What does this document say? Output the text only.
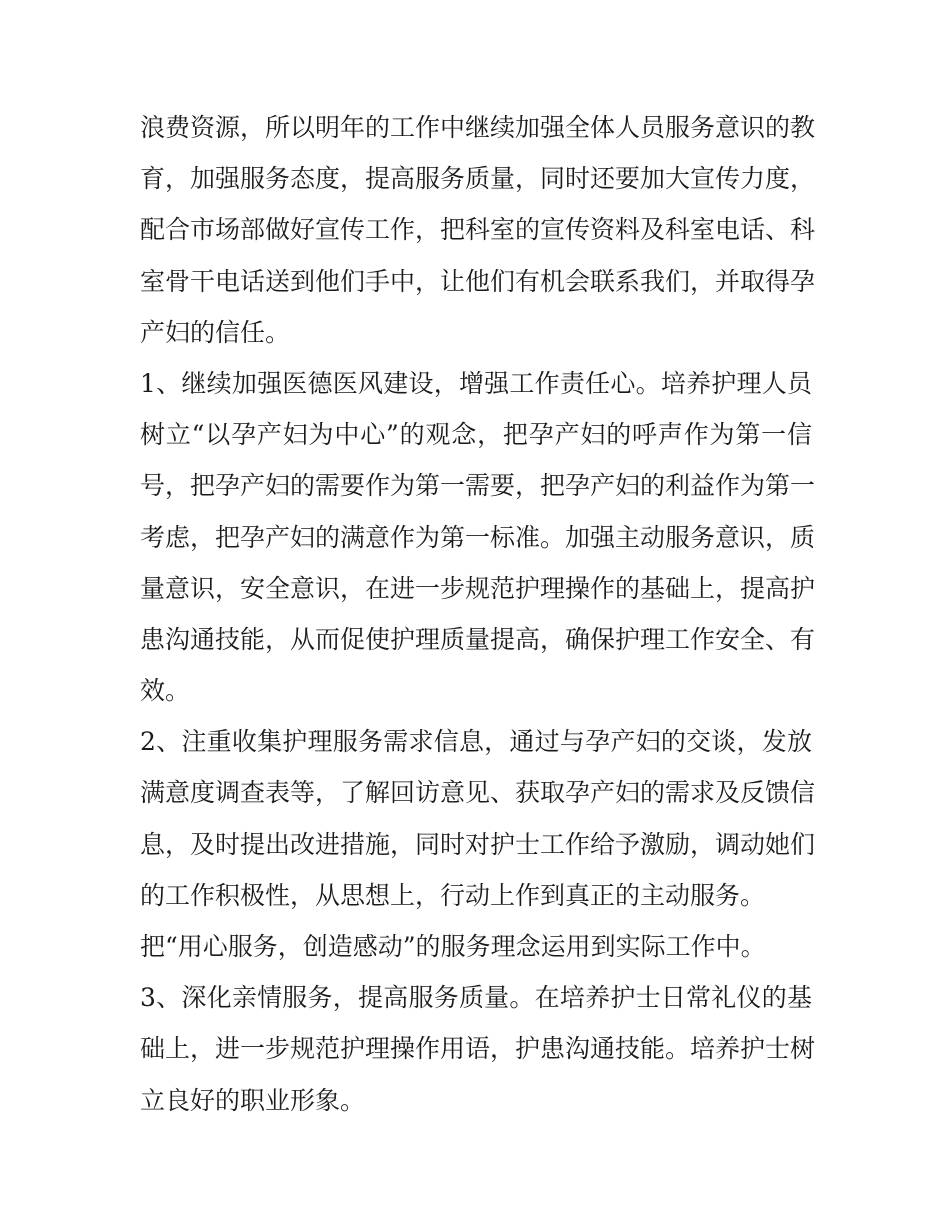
浪费资源，所以明年的工作中继续加强全体人员服务意识的教
育，加强服务态度，提高服务质量，同时还要加大宣传力度，
配合市场部做好宣传工作，把科室的宣传资料及科室电话、科
室骨干电话送到他们手中，让他们有机会联系我们，并取得孕
产妇的信任。
1、继续加强医德医风建设，增强工作责任心。培养护理人员
树立“以孕产妇为中心”的观念，把孕产妇的呼声作为第一信
号，把孕产妇的需要作为第一需要，把孕产妇的利益作为第一
考虑，把孕产妇的满意作为第一标准。加强主动服务意识，质
量意识，安全意识，在进一步规范护理操作的基础上，提高护
患沟通技能，从而促使护理质量提高，确保护理工作安全、有
效。
2、注重收集护理服务需求信息，通过与孕产妇的交谈，发放
满意度调查表等，了解回访意见、获取孕产妇的需求及反馈信
息，及时提出改进措施，同时对护士工作给予激励，调动她们
的工作积极性，从思想上，行动上作到真正的主动服务。
把“用心服务，创造感动”的服务理念运用到实际工作中。
3、深化亲情服务，提高服务质量。在培养护士日常礼仪的基
础上，进一步规范护理操作用语，护患沟通技能。培养护士树
立良好的职业形象。
